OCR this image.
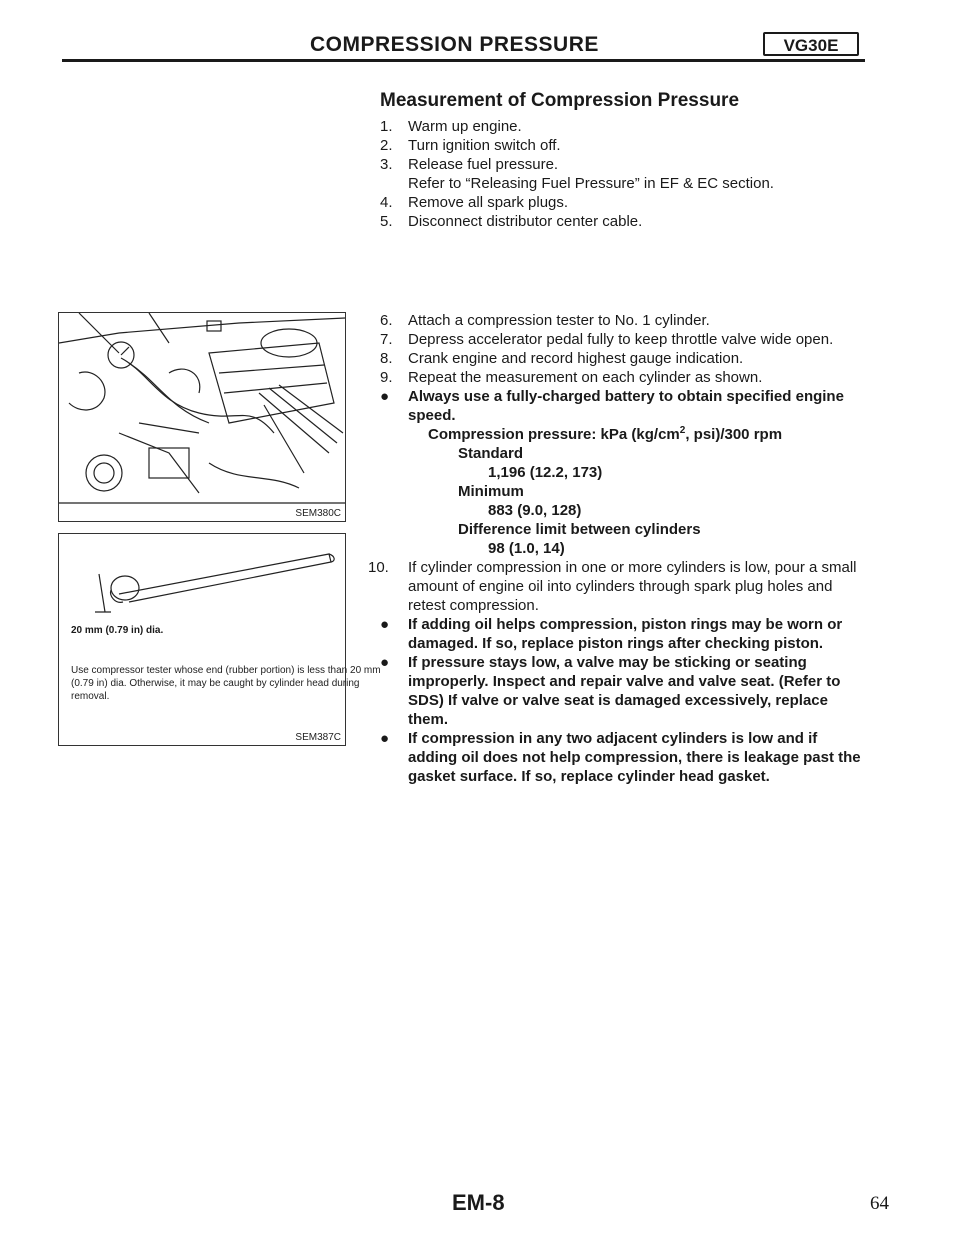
COMPRESSION PRESSURE	VG30E
Measurement of Compression Pressure
1.	Warm up engine.
2.	Turn ignition switch off.
3.	Release fuel pressure.
Refer to “Releasing Fuel Pressure” in EF & EC section.
4.	Remove all spark plugs.
5.	Disconnect distributor center cable.
6.	Attach a compression tester to No. 1 cylinder.
7.	Depress accelerator pedal fully to keep throttle valve wide open.
8.	Crank engine and record highest gauge indication.
9.	Repeat the measurement on each cylinder as shown.
●	Always use a fully-charged battery to obtain specified engine speed.
Compression pressure: kPa ($kg/cm^2$, psi)/300 rpm
Standard
1,196 (12.2, 173)
Minimum
883 (9.0, 128)
Difference limit between cylinders
98 (1.0, 14)
10.	If cylinder compression in one or more cylinders is low, pour a small amount of engine oil into cylinders through spark plug holes and retest compression.
●	If adding oil helps compression, piston rings may be worn or damaged. If so, replace piston rings after checking piston.
●	If pressure stays low, a valve may be sticking or seating improperly. Inspect and repair valve and valve seat. (Refer to SDS) If valve or valve seat is damaged excessively, replace them.
●	If compression in any two adjacent cylinders is low and if adding oil does not help compression, there is leakage past the gasket surface. If so, replace cylinder head gasket.
SEM380C
20 mm (0.79 in) dia.
Use compressor tester whose end (rubber portion) is less than 20 mm (0.79 in) dia. Otherwise, it may be caught by cylinder head during removal.
SEM387C
EM-8	64
